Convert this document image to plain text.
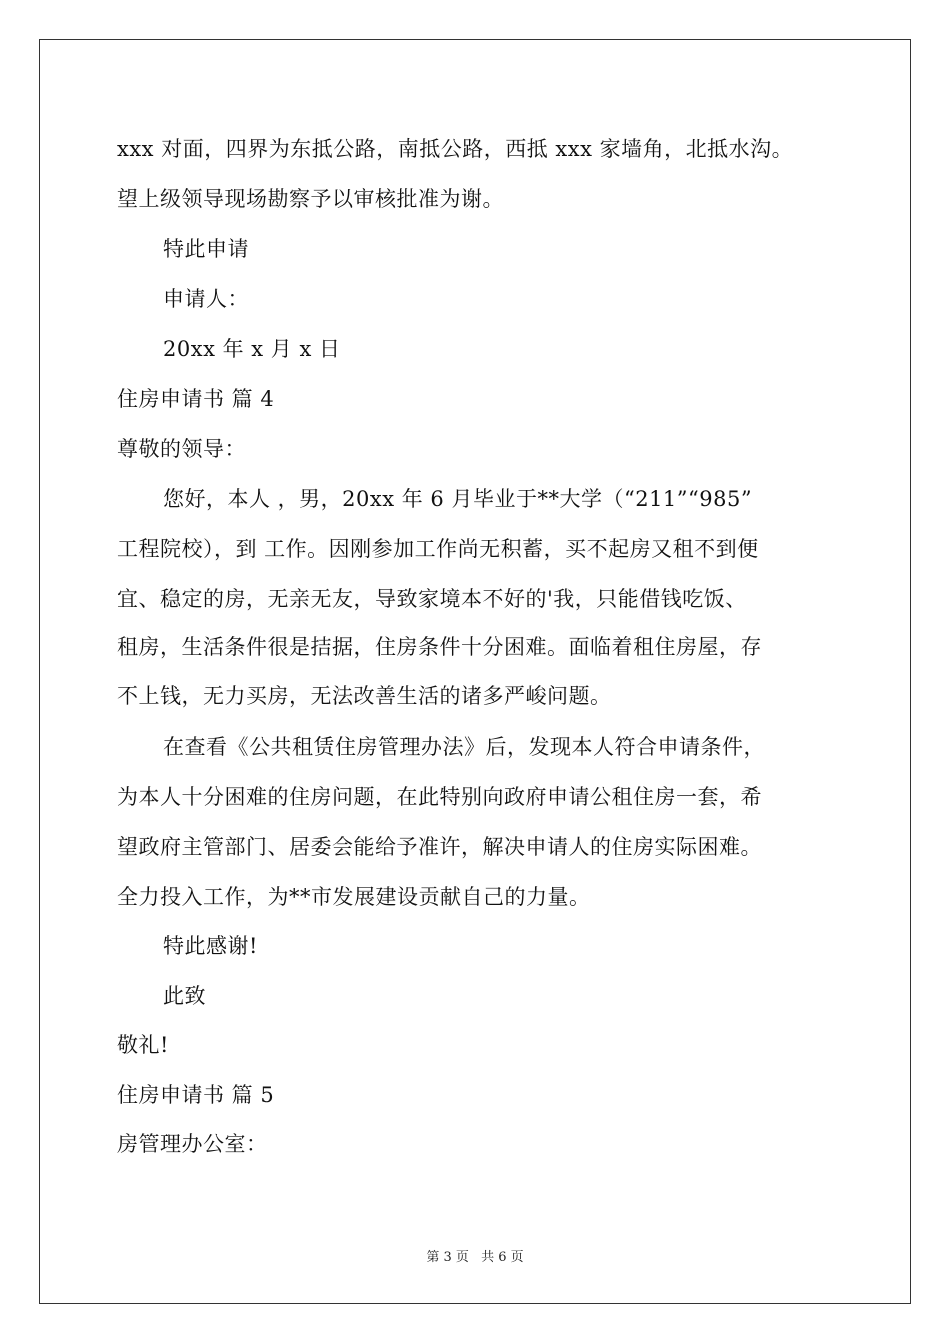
xxx 对面，四界为东抵公路，南抵公路，西抵 xxx 家墙角，北抵水沟。
望上级领导现场勘察予以审核批准为谢。
特此申请
申请人：
20xx 年 x 月 x 日
住房申请书 篇 4
尊敬的领导：
您好，本人 ，男，20xx 年 6 月毕业于**大学（“211”“985”
工程院校），到 工作。因刚参加工作尚无积蓄，买不起房又租不到便
宜、稳定的房，无亲无友，导致家境本不好的'我，只能借钱吃饭、
租房，生活条件很是拮据，住房条件十分困难。面临着租住房屋，存
不上钱，无力买房，无法改善生活的诸多严峻问题。
在查看《公共租赁住房管理办法》后，发现本人符合申请条件，
为本人十分困难的住房问题，在此特别向政府申请公租住房一套，希
望政府主管部门、居委会能给予准许，解决申请人的住房实际困难。
全力投入工作，为**市发展建设贡献自己的力量。
特此感谢!
此致
敬礼!
住房申请书 篇 5
房管理办公室：
第 3 页 共 6 页
